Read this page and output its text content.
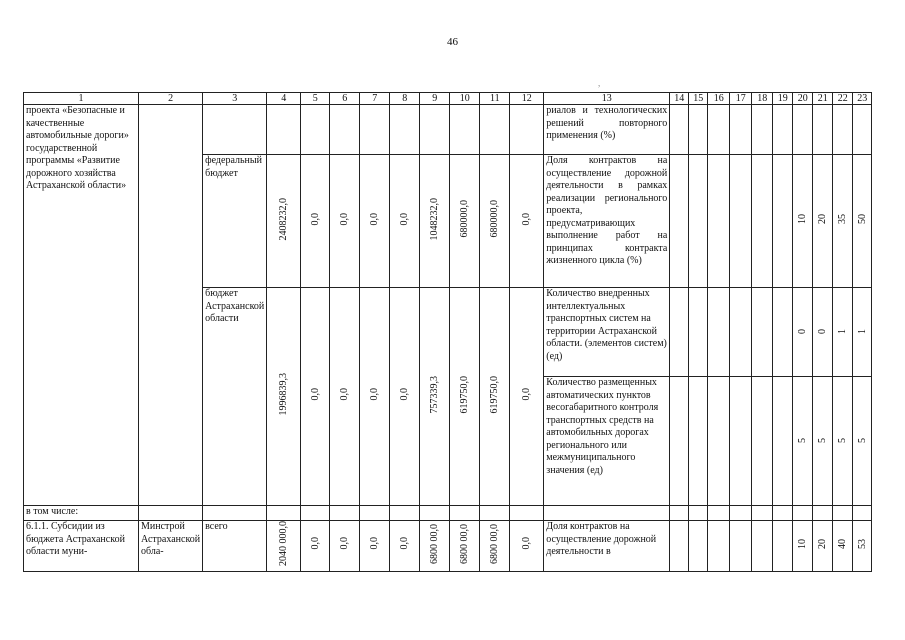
46
,
1	2	3	4	5	6	7	8	9	10	11	12	13	14	15	16	17	18	19	20	21	22	23
проекта «Безопасные и качественные автомобильные дороги» государственной программы «Развитие дорожного хозяйства Астраханской области»												риалов и технологических решений повторного применения (%)										
		федеральный бюджет	2408232,0	0,0	0,0	0,0	0,0	1048232,0	680000,0	680000,0	0,0	Доля контрактов на осуществление дорожной деятельности в рамках реализации регионального проекта, предусматривающих выполнение работ на принципах контракта жизненного цикла (%)							10	20	35	50
		бюджет Астраханской области	1996839,3	0,0	0,0	0,0	0,0	757339,3	619750,0	619750,0	0,0	Количество внедренных интеллектуальных транспортных систем на территории Астраханской области. (элементов систем) (ед)							0	0	1	1
												Количество размещенных автоматических пунктов весогабаритного контроля транспортных средств на автомобильных дорогах регионального или межмуниципального значения (ед)							5	5	5	5
в том числе:																						
6.1.1. Субсидии из бюджета Астраханской области муни-	Минстрой Астраханской обла-	всего	2040 000,0	0,0	0,0	0,0	0,0	6800 00,0	6800 00,0	6800 00,0	0,0	Доля контрактов на осуществление дорожной деятельности в							10	20	40	53
